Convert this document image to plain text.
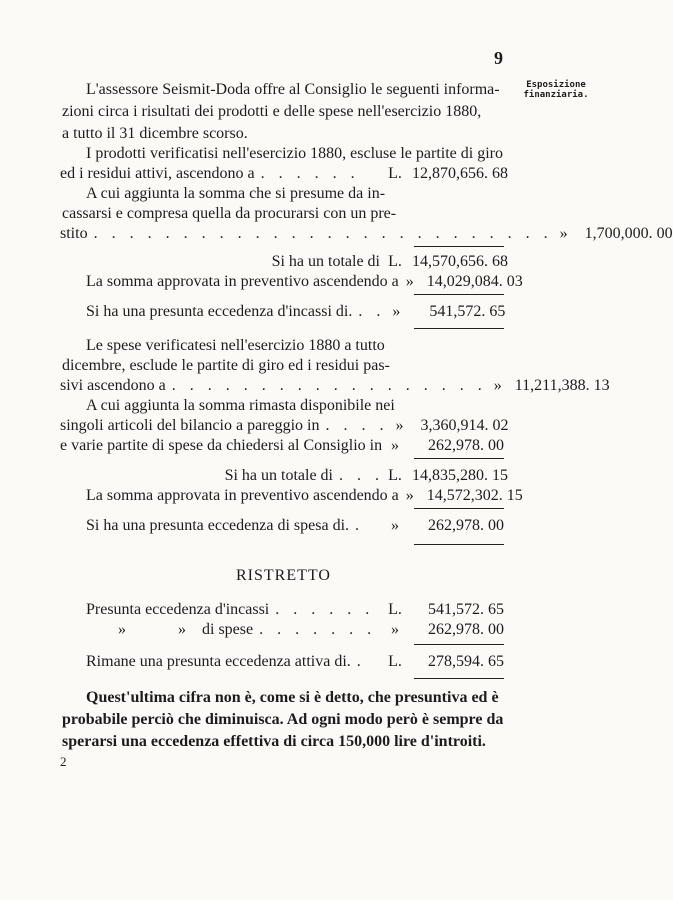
9
Esposizione
finanziaria.
L'assessore Seismit-Doda offre al Consiglio le seguenti informa-
zioni circa i risultati dei prodotti e delle spese nell'esercizio 1880,
a tutto il 31 dicembre scorso.
I prodotti verificatisi nell'esercizio 1880, escluse le partite di giro
ed i residui attivi, ascendono a . . . . . .	L. 12,870,656. 68
A cui aggiunta la somma che si presume da in-
cassarsi e compresa quella da procurarsi con un pre-
stito . . . . . . . . . . . . . . . . . . . . . . . . . . »	1,700,000. 00
Si ha un totale di L. 14,570,656. 68
La somma approvata in preventivo ascendendo a » 14,029,084. 03
Si ha una presunta eccedenza d'incassi di. . . »	541,572. 65
Le spese verificatesi nell'esercizio 1880 a tutto
dicembre, esclude le partite di giro ed i residui pas-
sivi ascendono a . . . . . . . . . . . . . . . . . . » 11,211,388. 13
A cui aggiunta la somma rimasta disponibile nei
singoli articoli del bilancio a pareggio in . . . . »	3,360,914. 02
e varie partite di spese da chiedersi al Consiglio in »	262,978. 00
Si ha un totale di . . . L. 14,835,280. 15
La somma approvata in preventivo ascendendo a » 14,572,302. 15
Si ha una presunta eccedenza di spesa di. .	»	262,978. 00
RISTRETTO
Presunta eccedenza d'incassi . . . . . . L.	541,572. 65
»	»	di spese . . . . . . . »	262,978. 00
Rimane una presunta eccedenza attiva di. .	L.	278,594. 65
Quest'ultima cifra non è, come si è detto, che presuntiva ed è
probabile perciò che diminuisca. Ad ogni modo però è sempre da
sperarsi una eccedenza effettiva di circa 150,000 lire d'introiti.
2
